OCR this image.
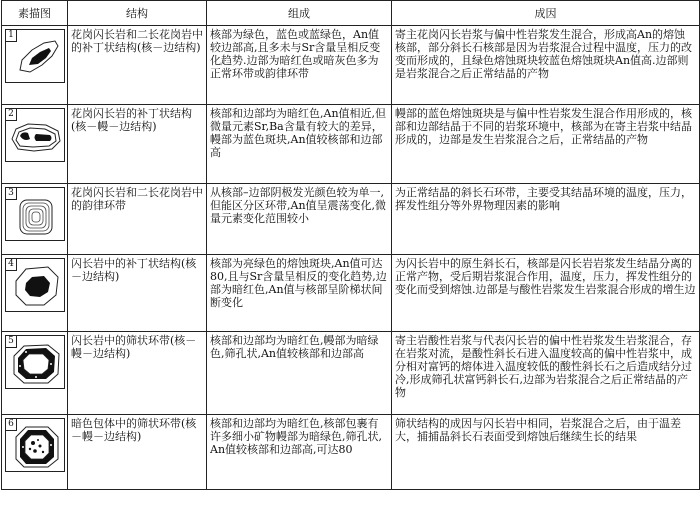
素描图	结构	组成	成因

1	花岗闪长岩和二长花岗岩中的补丁状结构(核－边结构)	核部为绿色，蓝色或蓝绿色，An值较边部高,且多未与Sr含量呈相反变化趋势.边部为暗红色或暗灰色多为正常环带或韵律环带	寄主花岗闪长岩浆与偏中性岩浆发生混合，形成高An的熔蚀核部，部分斜长石核部是因为岩浆混合过程中温度，压力的改变而形成的，且绿色熔蚀斑块较蓝色熔蚀斑块An值高.边部则是岩浆混合之后正常结晶的产物

2	花岗闪长岩的补丁状结构(核－幔－边结构)	核部和边部均为暗红色,An值相近,但微量元素Sr,Ba含量有较大的差异，幔部为蓝色斑块,An值较核部和边部高	幔部的蓝色熔蚀斑块是与偏中性岩浆发生混合作用形成的，核部和边部结晶于不同的岩浆环境中，核部为在寄主岩浆中结晶形成的，边部是发生岩浆混合之后，正常结晶的产物

3	花岗闪长岩和二长花岗岩中的韵律环带	从核部–边部阴极发光颜色较为单一,但能区分区环带,An值呈震荡变化,微量元素变化范围较小	为正常结晶的斜长石环带，主要受其结晶环境的温度，压力，挥发性组分等外界物理因素的影响

4	闪长岩中的补丁状结构(核－边结构)	核部为亮绿色的熔蚀斑块,An值可达80,且与Sr含量呈相反的变化趋势,边部为暗红色,An值与核部呈阶梯状间断变化	为闪长岩中的原生斜长石，核部是闪长岩岩浆发生结晶分离的正常产物，受后期岩浆混合作用，温度，压力，挥发性组分的变化而受到熔蚀.边部是与酸性岩浆发生岩浆混合形成的增生边

5	闪长岩中的筛状环带(核－幔－边结构)	核部和边部均为暗红色,幔部为暗绿色,筛孔状,An值较核部和边部高	寄主岩酸性岩浆与代表闪长岩的偏中性岩浆发生岩浆混合，存在岩浆对流，是酸性斜长石进入温度较高的偏中性岩浆中，成分相对富钙的熔体进入温度较低的酸性斜长石之后造成结分过冷,形成筛孔状富钙斜长石,边部为岩浆混合之后正常结晶的产物

6	暗色包体中的筛状环带(核－幔－边结构)	核部和边部均为暗红色,核部包裹有许多细小矿物幔部为暗绿色,筛孔状,An值较核部和边部高,可达80	筛状结构的成因与闪长岩中相同，岩浆混合之后，由于温差大，捕捕晶斜长石表面受到熔蚀后继续生长的结果
